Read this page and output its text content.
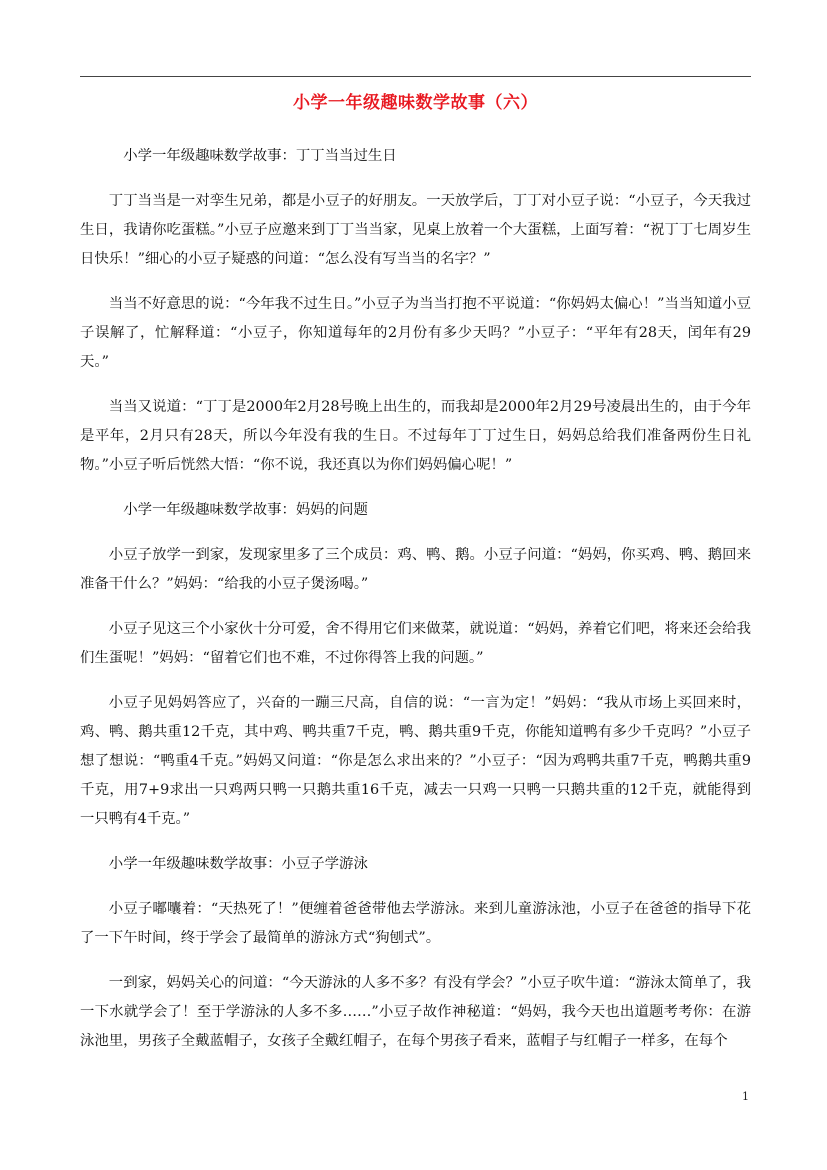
小学一年级趣味数学故事（六）

小学一年级趣味数学故事：丁丁当当过生日

丁丁当当是一对孪生兄弟，都是小豆子的好朋友。一天放学后，丁丁对小豆子说：“小豆子，今天我过生日，我请你吃蛋糕。”小豆子应邀来到丁丁当当家，见桌上放着一个大蛋糕，上面写着：“祝丁丁七周岁生日快乐！”细心的小豆子疑惑的问道：“怎么没有写当当的名字？”

当当不好意思的说：“今年我不过生日。”小豆子为当当打抱不平说道：“你妈妈太偏心！”当当知道小豆子误解了，忙解释道：“小豆子，你知道每年的2月份有多少天吗？”小豆子：“平年有28天，闰年有29天。”

当当又说道：“丁丁是2000年2月28号晚上出生的，而我却是2000年2月29号凌晨出生的，由于今年是平年，2月只有28天，所以今年没有我的生日。不过每年丁丁过生日，妈妈总给我们准备两份生日礼物。”小豆子听后恍然大悟：“你不说，我还真以为你们妈妈偏心呢！”

小学一年级趣味数学故事：妈妈的问题

小豆子放学一到家，发现家里多了三个成员：鸡、鸭、鹅。小豆子问道：“妈妈，你买鸡、鸭、鹅回来准备干什么？”妈妈：“给我的小豆子煲汤喝。”

小豆子见这三个小家伙十分可爱，舍不得用它们来做菜，就说道：“妈妈，养着它们吧，将来还会给我们生蛋呢！”妈妈：“留着它们也不难，不过你得答上我的问题。”

小豆子见妈妈答应了，兴奋的一蹦三尺高，自信的说：“一言为定！”妈妈：“我从市场上买回来时，鸡、鸭、鹅共重12千克，其中鸡、鸭共重7千克，鸭、鹅共重9千克，你能知道鸭有多少千克吗？”小豆子想了想说：“鸭重4千克。”妈妈又问道：“你是怎么求出来的？”小豆子：“因为鸡鸭共重7千克，鸭鹅共重9千克，用7+9求出一只鸡两只鸭一只鹅共重16千克，减去一只鸡一只鸭一只鹅共重的12千克，就能得到一只鸭有4千克。”

小学一年级趣味数学故事：小豆子学游泳

小豆子嘟囔着：“天热死了！”便缠着爸爸带他去学游泳。来到儿童游泳池，小豆子在爸爸的指导下花了一下午时间，终于学会了最简单的游泳方式“狗刨式”。

一到家，妈妈关心的问道：“今天游泳的人多不多？有没有学会？”小豆子吹牛道：“游泳太简单了，我一下水就学会了！至于学游泳的人多不多……”小豆子故作神秘道：“妈妈，我今天也出道题考考你：在游泳池里，男孩子全戴蓝帽子，女孩子全戴红帽子，在每个男孩子看来，蓝帽子与红帽子一样多，在每个

1
